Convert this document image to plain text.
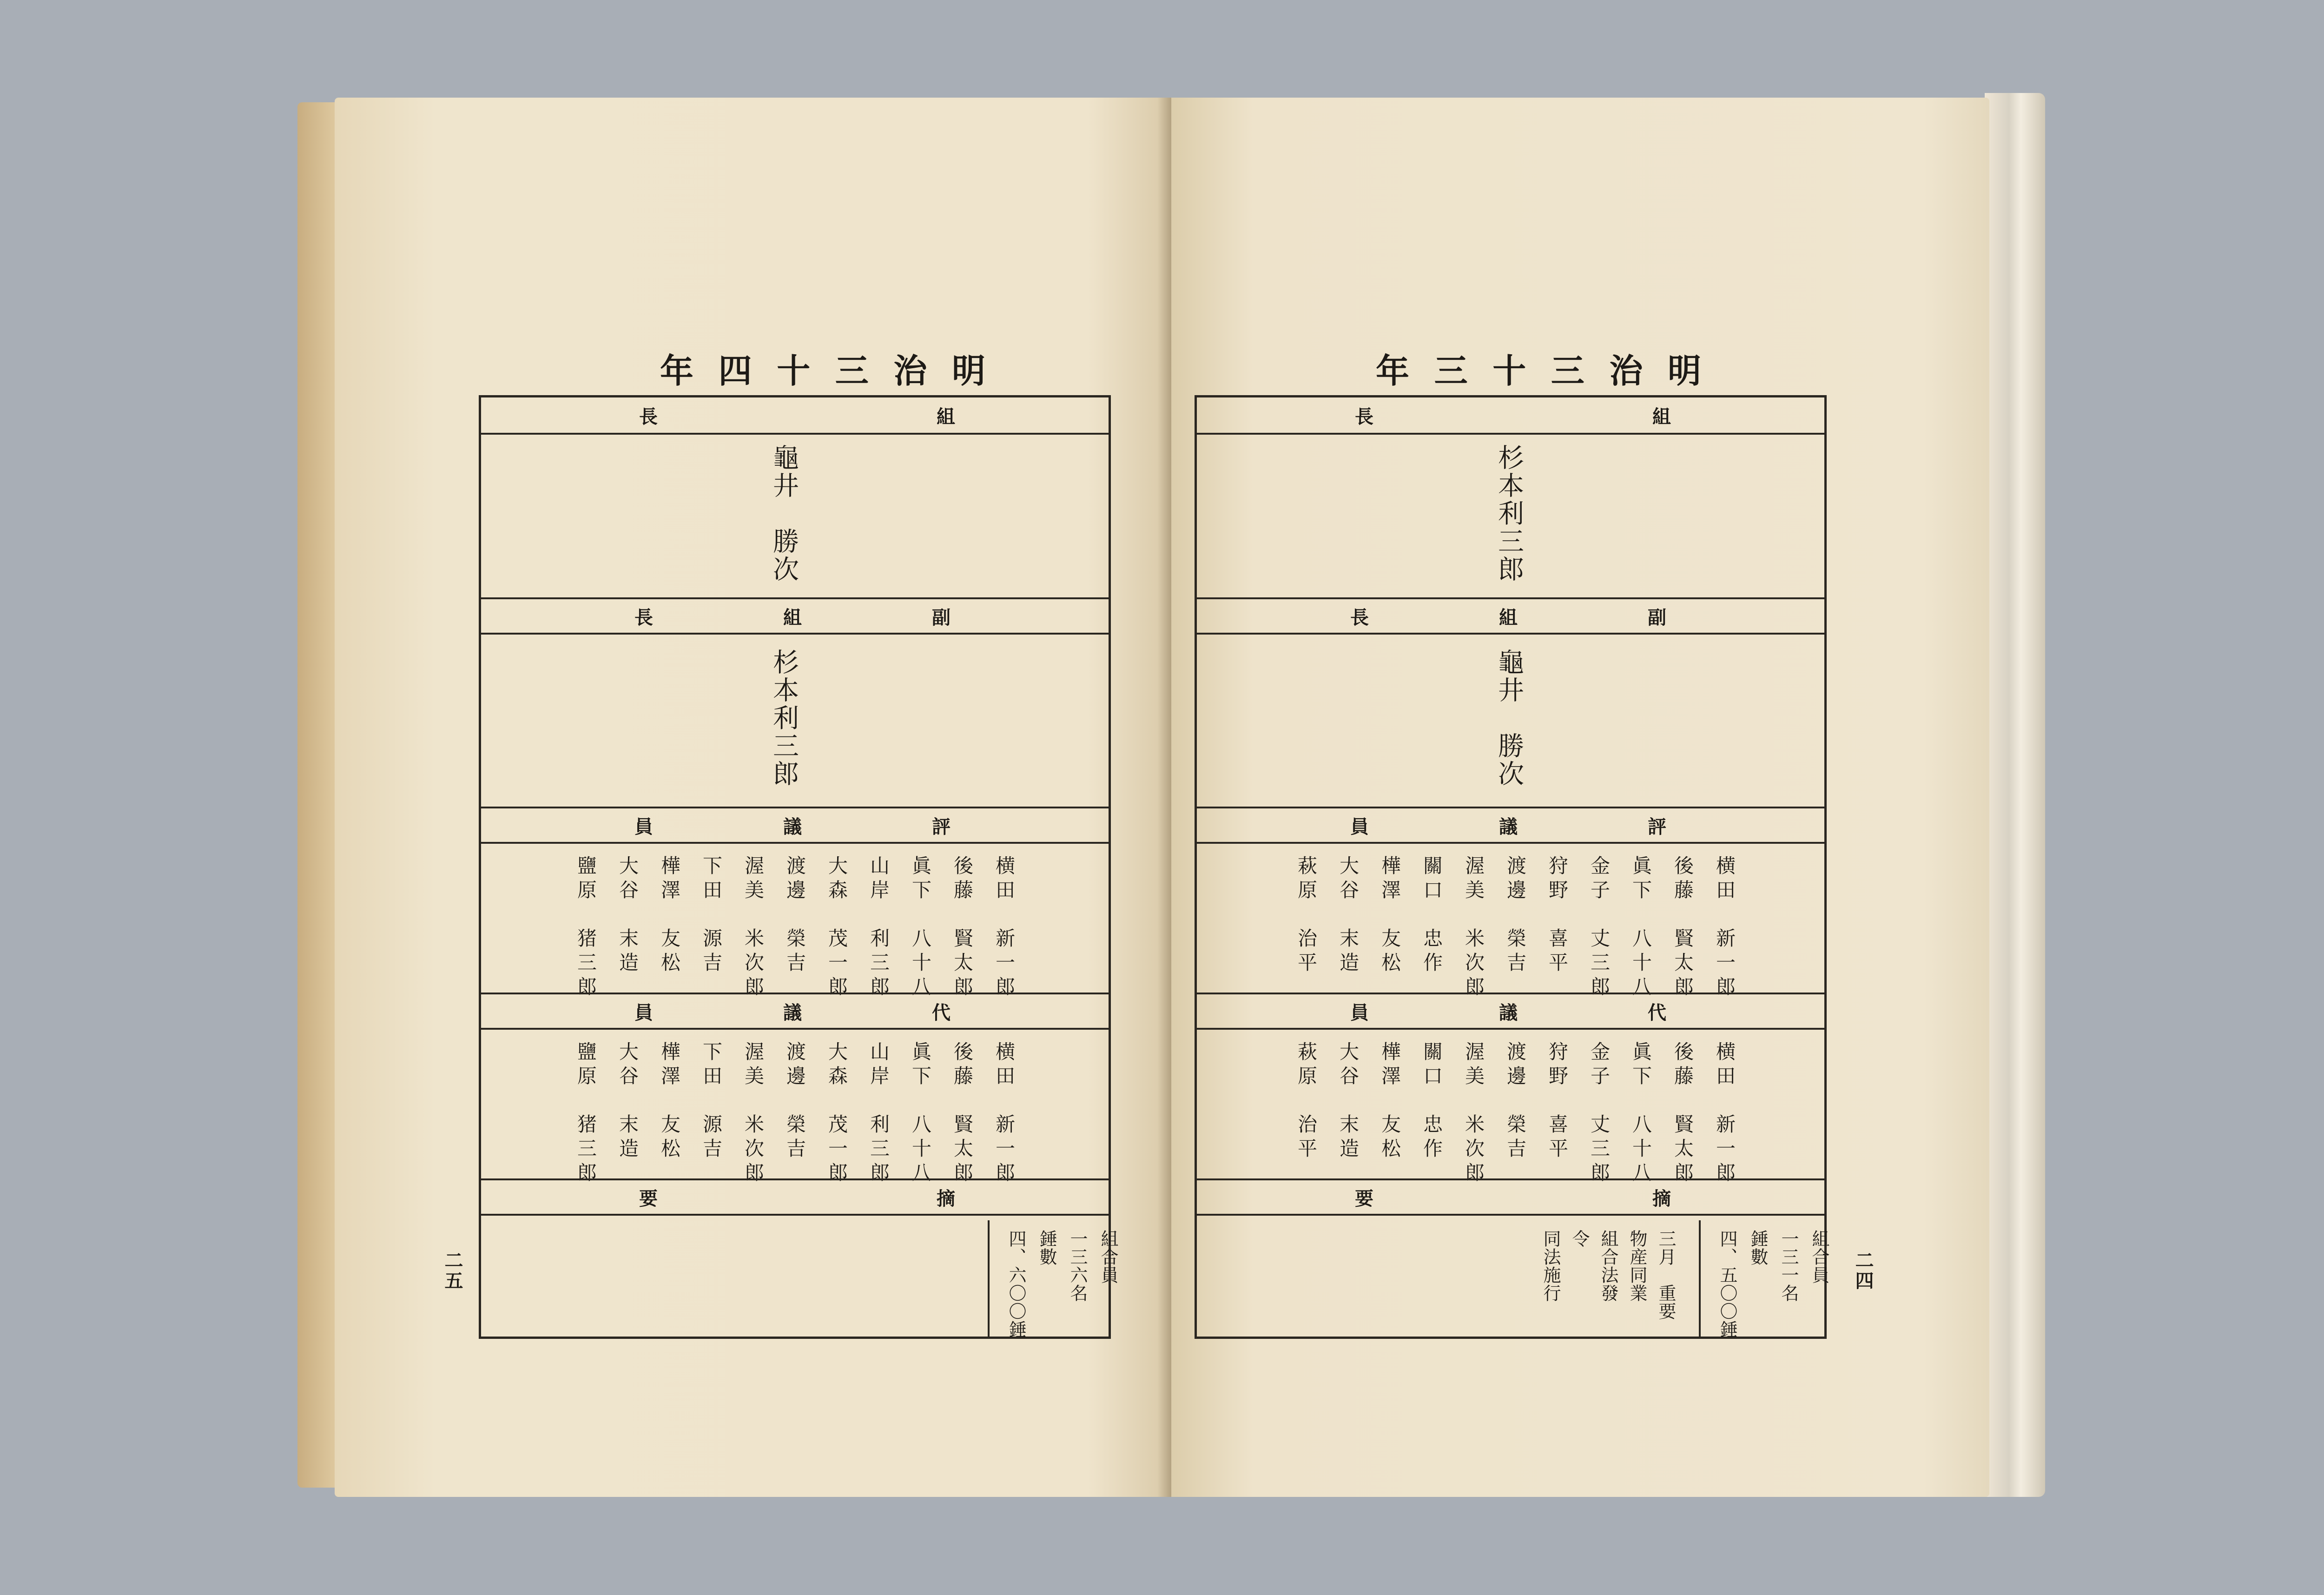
明
治
三
十
四
年
組
長
龜井　勝次
副
組
長
杉本利三郎
評
議
員
横田　新一郎
後藤　賢太郎
眞下　八十八
山岸　利三郎
大森　茂一郎
渡邊　榮吉
渥美　米次郎
下田　源吉
樺澤　友松
大谷　末造
鹽原　猪三郎
代
議
員
横田　新一郎
後藤　賢太郎
眞下　八十八
山岸　利三郎
大森　茂一郎
渡邊　榮吉
渥美　米次郎
下田　源吉
樺澤　友松
大谷　末造
鹽原　猪三郎
摘
要
組合員
一三六名
錘數
四、六〇〇錘
二五
明
治
三
十
三
年
組
長
杉本利三郎
副
組
長
龜井　勝次
評
議
員
横田　新一郎
後藤　賢太郎
眞下　八十八
金子　丈三郎
狩野　喜平
渡邊　榮吉
渥美　米次郎
關口　忠作
樺澤　友松
大谷　末造
萩原　治平
代
議
員
横田　新一郎
後藤　賢太郎
眞下　八十八
金子　丈三郎
狩野　喜平
渡邊　榮吉
渥美　米次郎
關口　忠作
樺澤　友松
大谷　末造
萩原　治平
摘
要
組合員
一三一名
錘數
四、五〇〇錘
三月　重要
物産同業
組合法發
令
同法施行	二四
